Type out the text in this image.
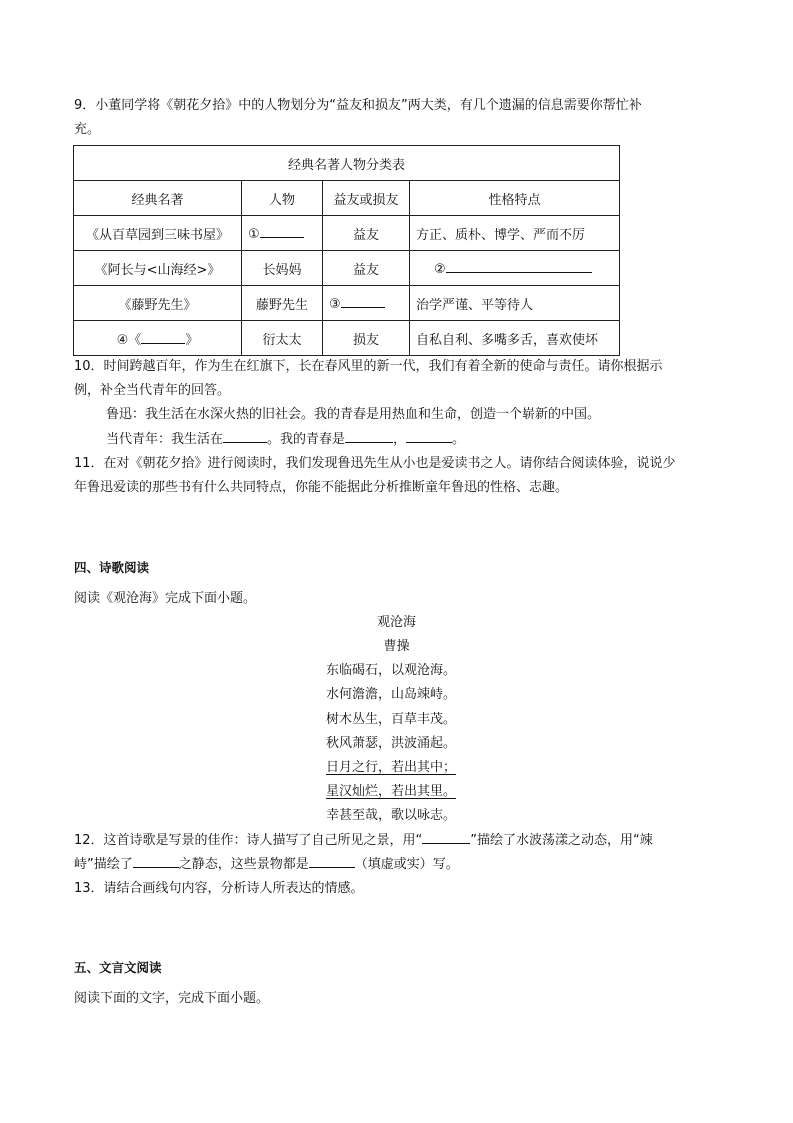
9．小董同学将《朝花夕拾》中的人物划分为“益友和损友”两大类，有几个遗漏的信息需要你帮忙补
充。
经典名著人物分类表			
经典名著	人物	益友或损友	性格特点
《从百草园到三味书屋》	①	益友	方正、质朴、博学、严而不厉
《阿长与<山海经>》	长妈妈	益友	②
《藤野先生》	藤野先生	③	治学严谨、平等待人
④《 》	衍太太	损友	自私自利、多嘴多舌，喜欢使坏
10．时间跨越百年，作为生在红旗下，长在春风里的新一代，我们有着全新的使命与责任。请你根据示
例，补全当代青年的回答。
鲁迅：我生活在水深火热的旧社会。我的青春是用热血和生命，创造一个崭新的中国。
当代青年：我生活在	。我的青春是	，	。
11．在对《朝花夕拾》进行阅读时，我们发现鲁迅先生从小也是爱读书之人。请你结合阅读体验，说说少
年鲁迅爱读的那些书有什么共同特点，你能不能据此分析推断童年鲁迅的性格、志趣。
四、诗歌阅读
阅读《观沧海》完成下面小题。
观沧海
曹操
东临碣石，以观沧海。
水何澹澹，山岛竦峙。
树木丛生，百草丰茂。
秋风萧瑟，洪波涌起。
日月之行，若出其中；
星汉灿烂，若出其里。
幸甚至哉，歌以咏志。
12．这首诗歌是写景的佳作：诗人描写了自己所见之景，用“	”描绘了水波荡漾之动态，用“竦
峙”描绘了	之静态，这些景物都是	（填虚或实）写。
13．请结合画线句内容，分析诗人所表达的情感。
五、文言文阅读
阅读下面的文字，完成下面小题。
